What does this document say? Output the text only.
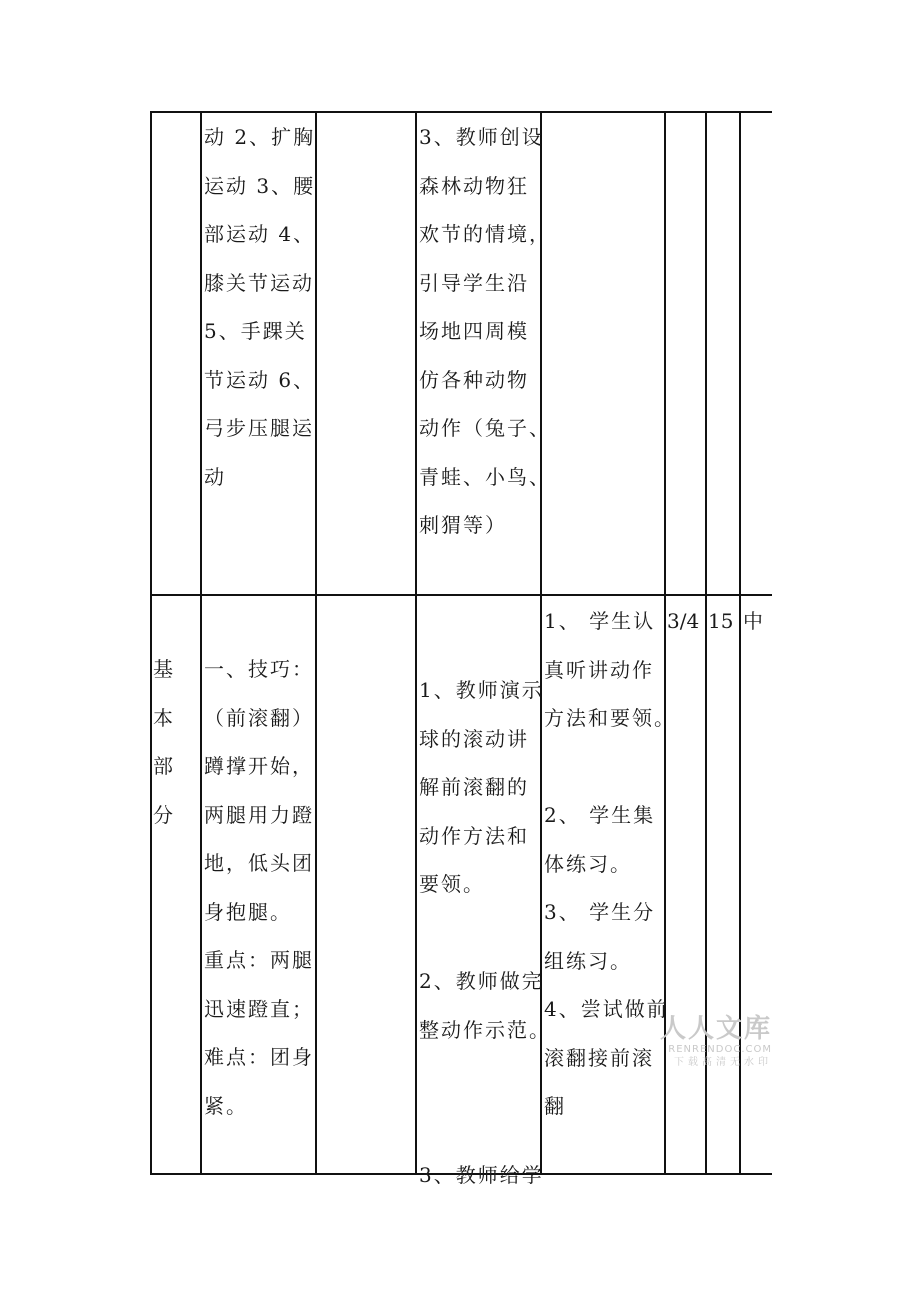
动 2、扩胸
运动 3、腰
部运动 4、
膝关节运动
5、手踝关
节运动 6、
弓步压腿运
动
3、教师创设
森林动物狂
欢节的情境，
引导学生沿
场地四周模
仿各种动物
动作（兔子、
青蛙、小鸟、
刺猬等）
基
本
部
分
一、技巧：
（前滚翻）
蹲撑开始，
两腿用力蹬
地，低头团
身抱腿。
重点：两腿
迅速蹬直；
难点：团身
紧。
1、教师演示
球的滚动讲
解前滚翻的
动作方法和
要领。
2、教师做完
整动作示范。
3、教师给学
1、 学生认
真听讲动作
方法和要领。
2、 学生集
体练习。
3、 学生分
组练习。
4、尝试做前
滚翻接前滚
翻
3/4 15 中
人人文库
RENRENDOC.COM
下载高清无水印
